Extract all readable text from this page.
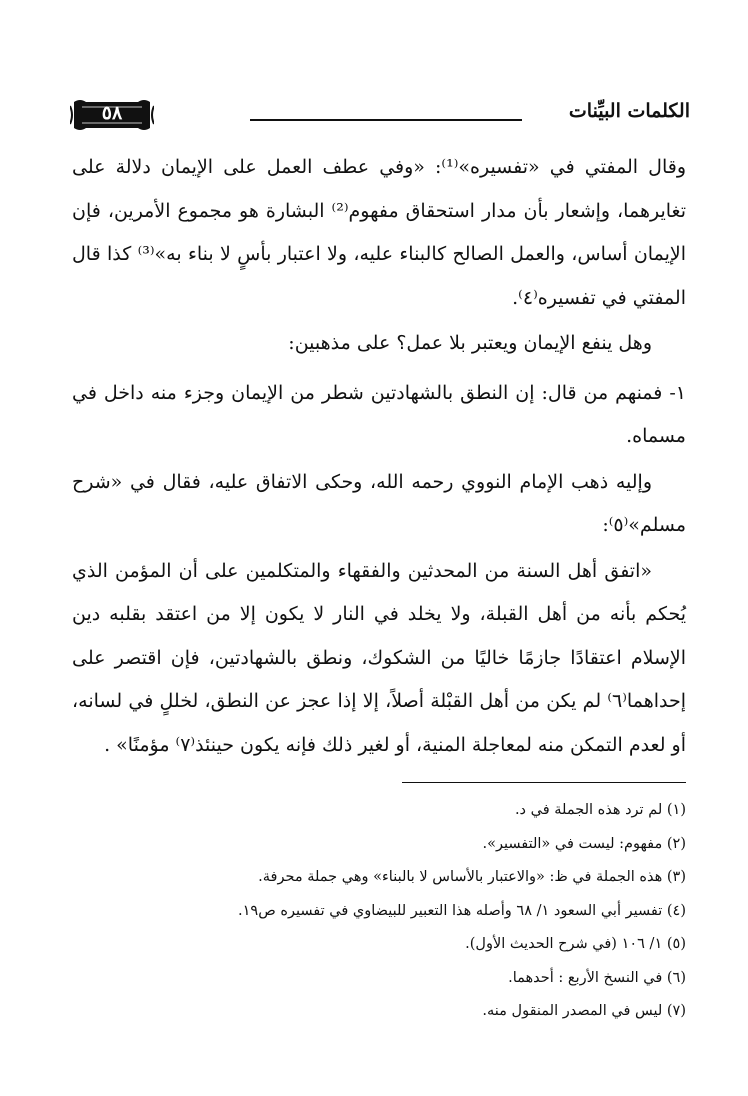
الكلمات البيِّنات
٥٨

وقال المفتي في «تفسيره»⁽¹⁾: «وفي عطف العمل على الإيمان دلالة على تغايرهما، وإشعار بأن مدار استحقاق مفهوم⁽²⁾ البشارة هو مجموع الأمرين، فإن الإيمان أساس، والعمل الصالح كالبناء عليه، ولا اعتبار بأسٍ لا بناء به»⁽³⁾ كذا قال المفتي في تفسيره⁽٤⁾.

وهل ينفع الإيمان ويعتبر بلا عمل؟ على مذهبين:

١- فمنهم من قال: إن النطق بالشهادتين شطر من الإيمان وجزء منه داخل في مسماه.

وإليه ذهب الإمام النووي رحمه الله، وحكى الاتفاق عليه، فقال في «شرح مسلم»⁽٥⁾:

«اتفق أهل السنة من المحدثين والفقهاء والمتكلمين على أن المؤمن الذي يُحكم بأنه من أهل القبلة، ولا يخلد في النار لا يكون إلا من اعتقد بقلبه دين الإسلام اعتقادًا جازمًا خاليًا من الشكوك، ونطق بالشهادتين، فإن اقتصر على إحداهما⁽٦⁾ لم يكن من أهل القبْلة أصلاً، إلا إذا عجز عن النطق، لخللٍ في لسانه، أو لعدم التمكن منه لمعاجلة المنية، أو لغير ذلك فإنه يكون حينئذ⁽٧⁾ مؤمنًا» .

(١) لم ترد هذه الجملة في د.
(٢) مفهوم: ليست في «التفسير».
(٣) هذه الجملة في ظ: «والاعتبار بالأساس لا بالبناء» وهي جملة محرفة.
(٤) تفسير أبي السعود ١/ ٦٨ وأصله هذا التعبير للبيضاوي في تفسيره ص١٩.
(٥) ١/ ١٠٦ (في شرح الحديث الأول).
(٦) في النسخ الأربع : أحدهما.
(٧) ليس في المصدر المنقول منه.
